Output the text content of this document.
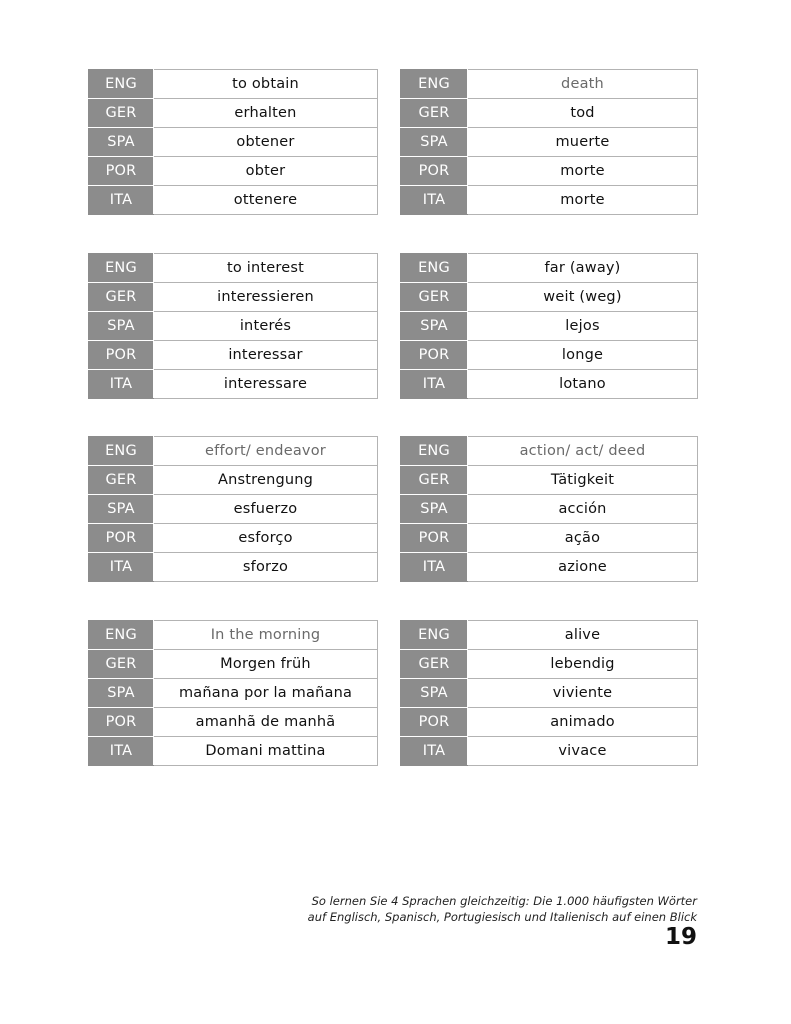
ENG	to obtain
GER	erhalten
SPA	obtener
POR	obter
ITA	ottenere
ENG	death
GER	tod
SPA	muerte
POR	morte
ITA	morte
ENG	to interest
GER	interessieren
SPA	interés
POR	interessar
ITA	interessare
ENG	far (away)
GER	weit (weg)
SPA	lejos
POR	longe
ITA	lotano
ENG	effort/ endeavor
GER	Anstrengung
SPA	esfuerzo
POR	esforço
ITA	sforzo
ENG	action/ act/ deed
GER	Tätigkeit
SPA	acción
POR	ação
ITA	azione
ENG	In the morning
GER	Morgen früh
SPA	mañana por la mañana
POR	amanhã de manhã
ITA	Domani mattina
ENG	alive
GER	lebendig
SPA	viviente
POR	animado
ITA	vivace
So lernen Sie 4 Sprachen gleichzeitig: Die 1.000 häufigsten Wörter
auf Englisch, Spanisch, Portugiesisch und Italienisch auf einen Blick
19
